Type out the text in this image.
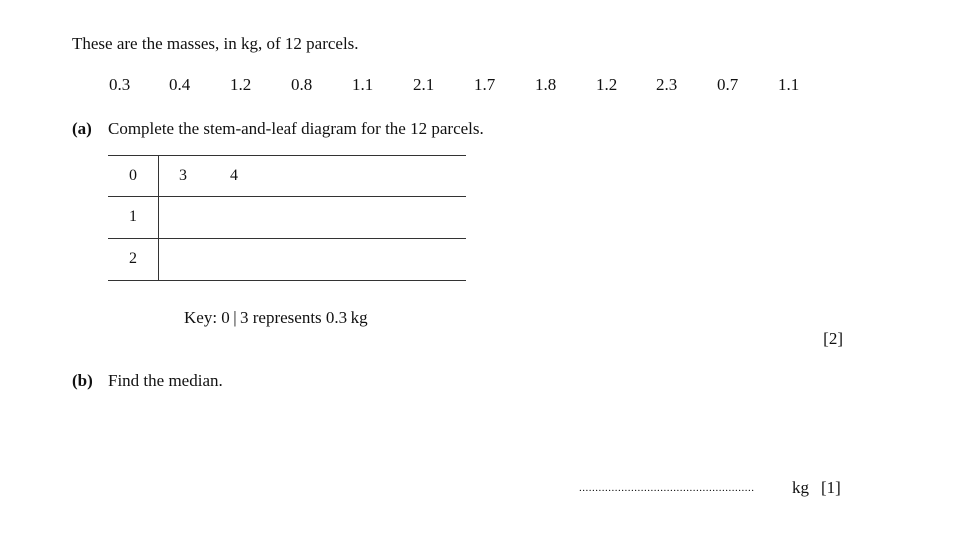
These are the masses, in kg, of 12 parcels.
0.3 0.4 1.2 0.8 1.1 2.1 1.7 1.8 1.2 2.3 0.7 1.1
(a) Complete the stem-and-leaf diagram for the 12 parcels.
0
1
2
3	4
Key: 0 | 3 represents 0.3 kg
[2]
(b) Find the median.
...................................................... kg [1]
